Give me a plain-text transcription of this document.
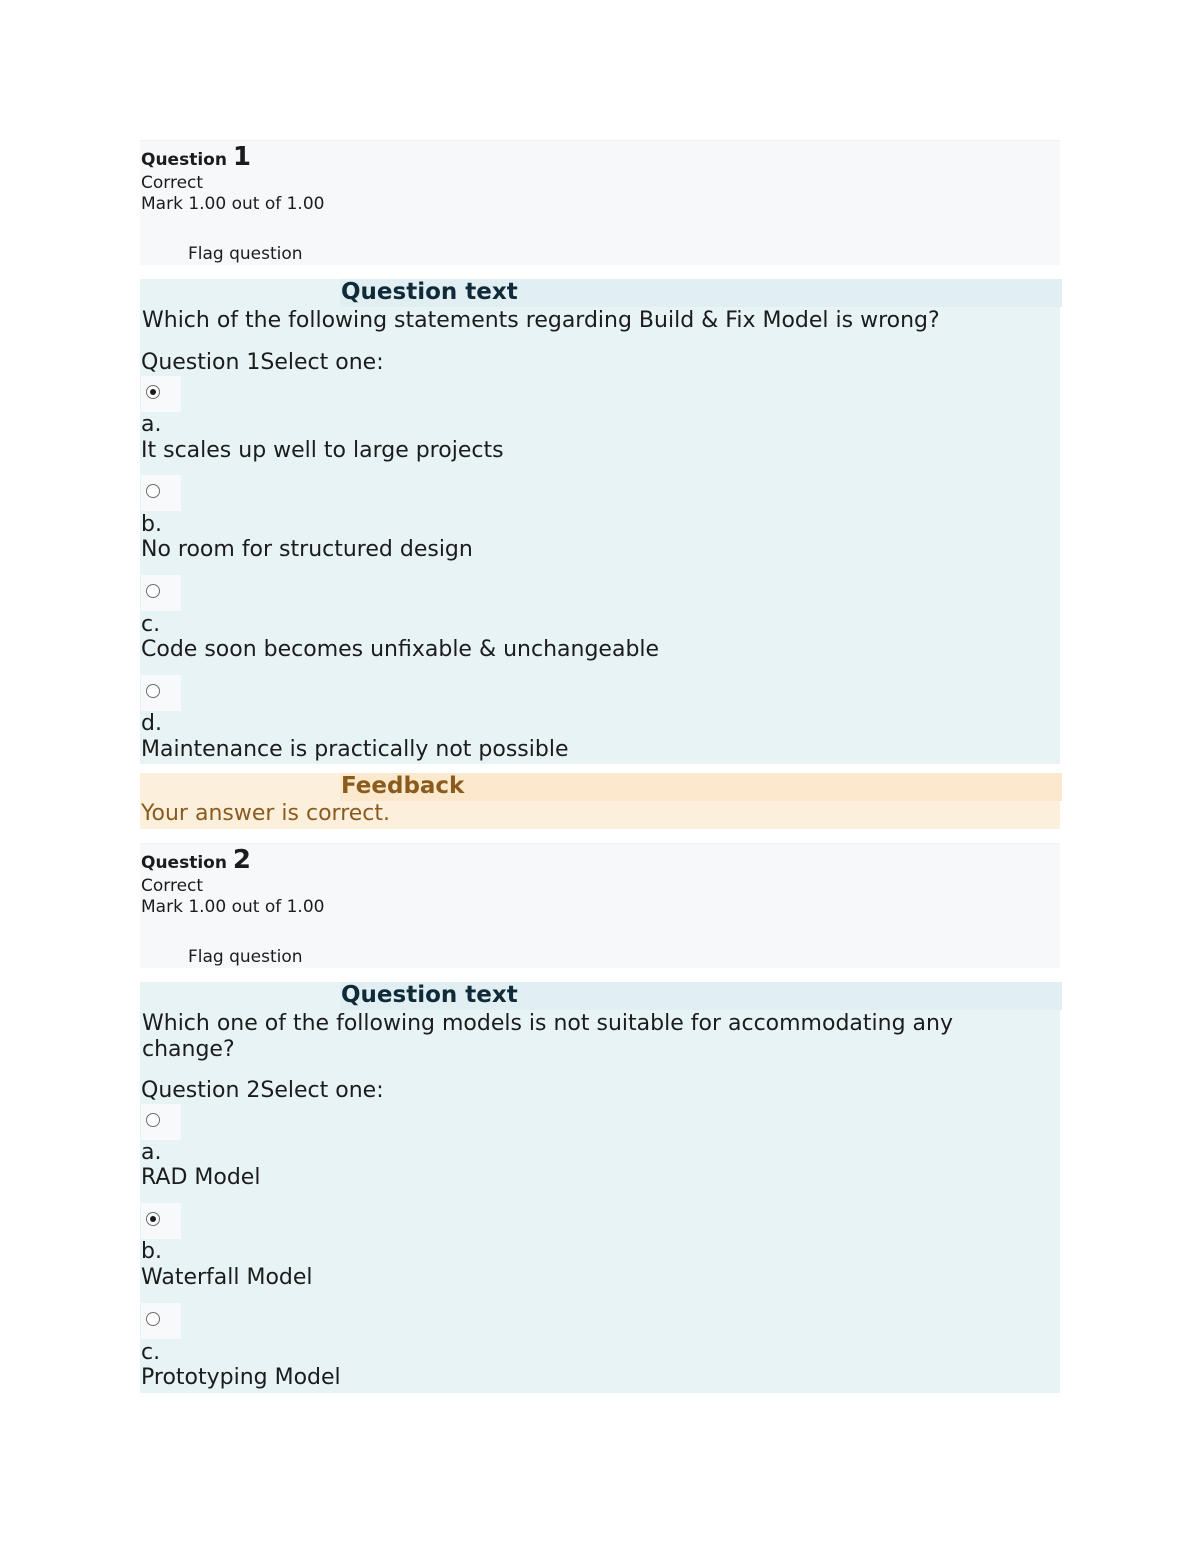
Question 1
Correct
Mark 1.00 out of 1.00
Flag question
Question text
Which of the following statements regarding Build & Fix Model is wrong?
Question 1Select one:
a.
It scales up well to large projects
b.
No room for structured design
c.
Code soon becomes unfixable & unchangeable
d.
Maintenance is practically not possible
Feedback
Your answer is correct.
Question 2
Correct
Mark 1.00 out of 1.00
Flag question
Question text
Which one of the following models is not suitable for accommodating any change?
Question 2Select one:
a.
RAD Model
b.
Waterfall Model
c.
Prototyping Model
